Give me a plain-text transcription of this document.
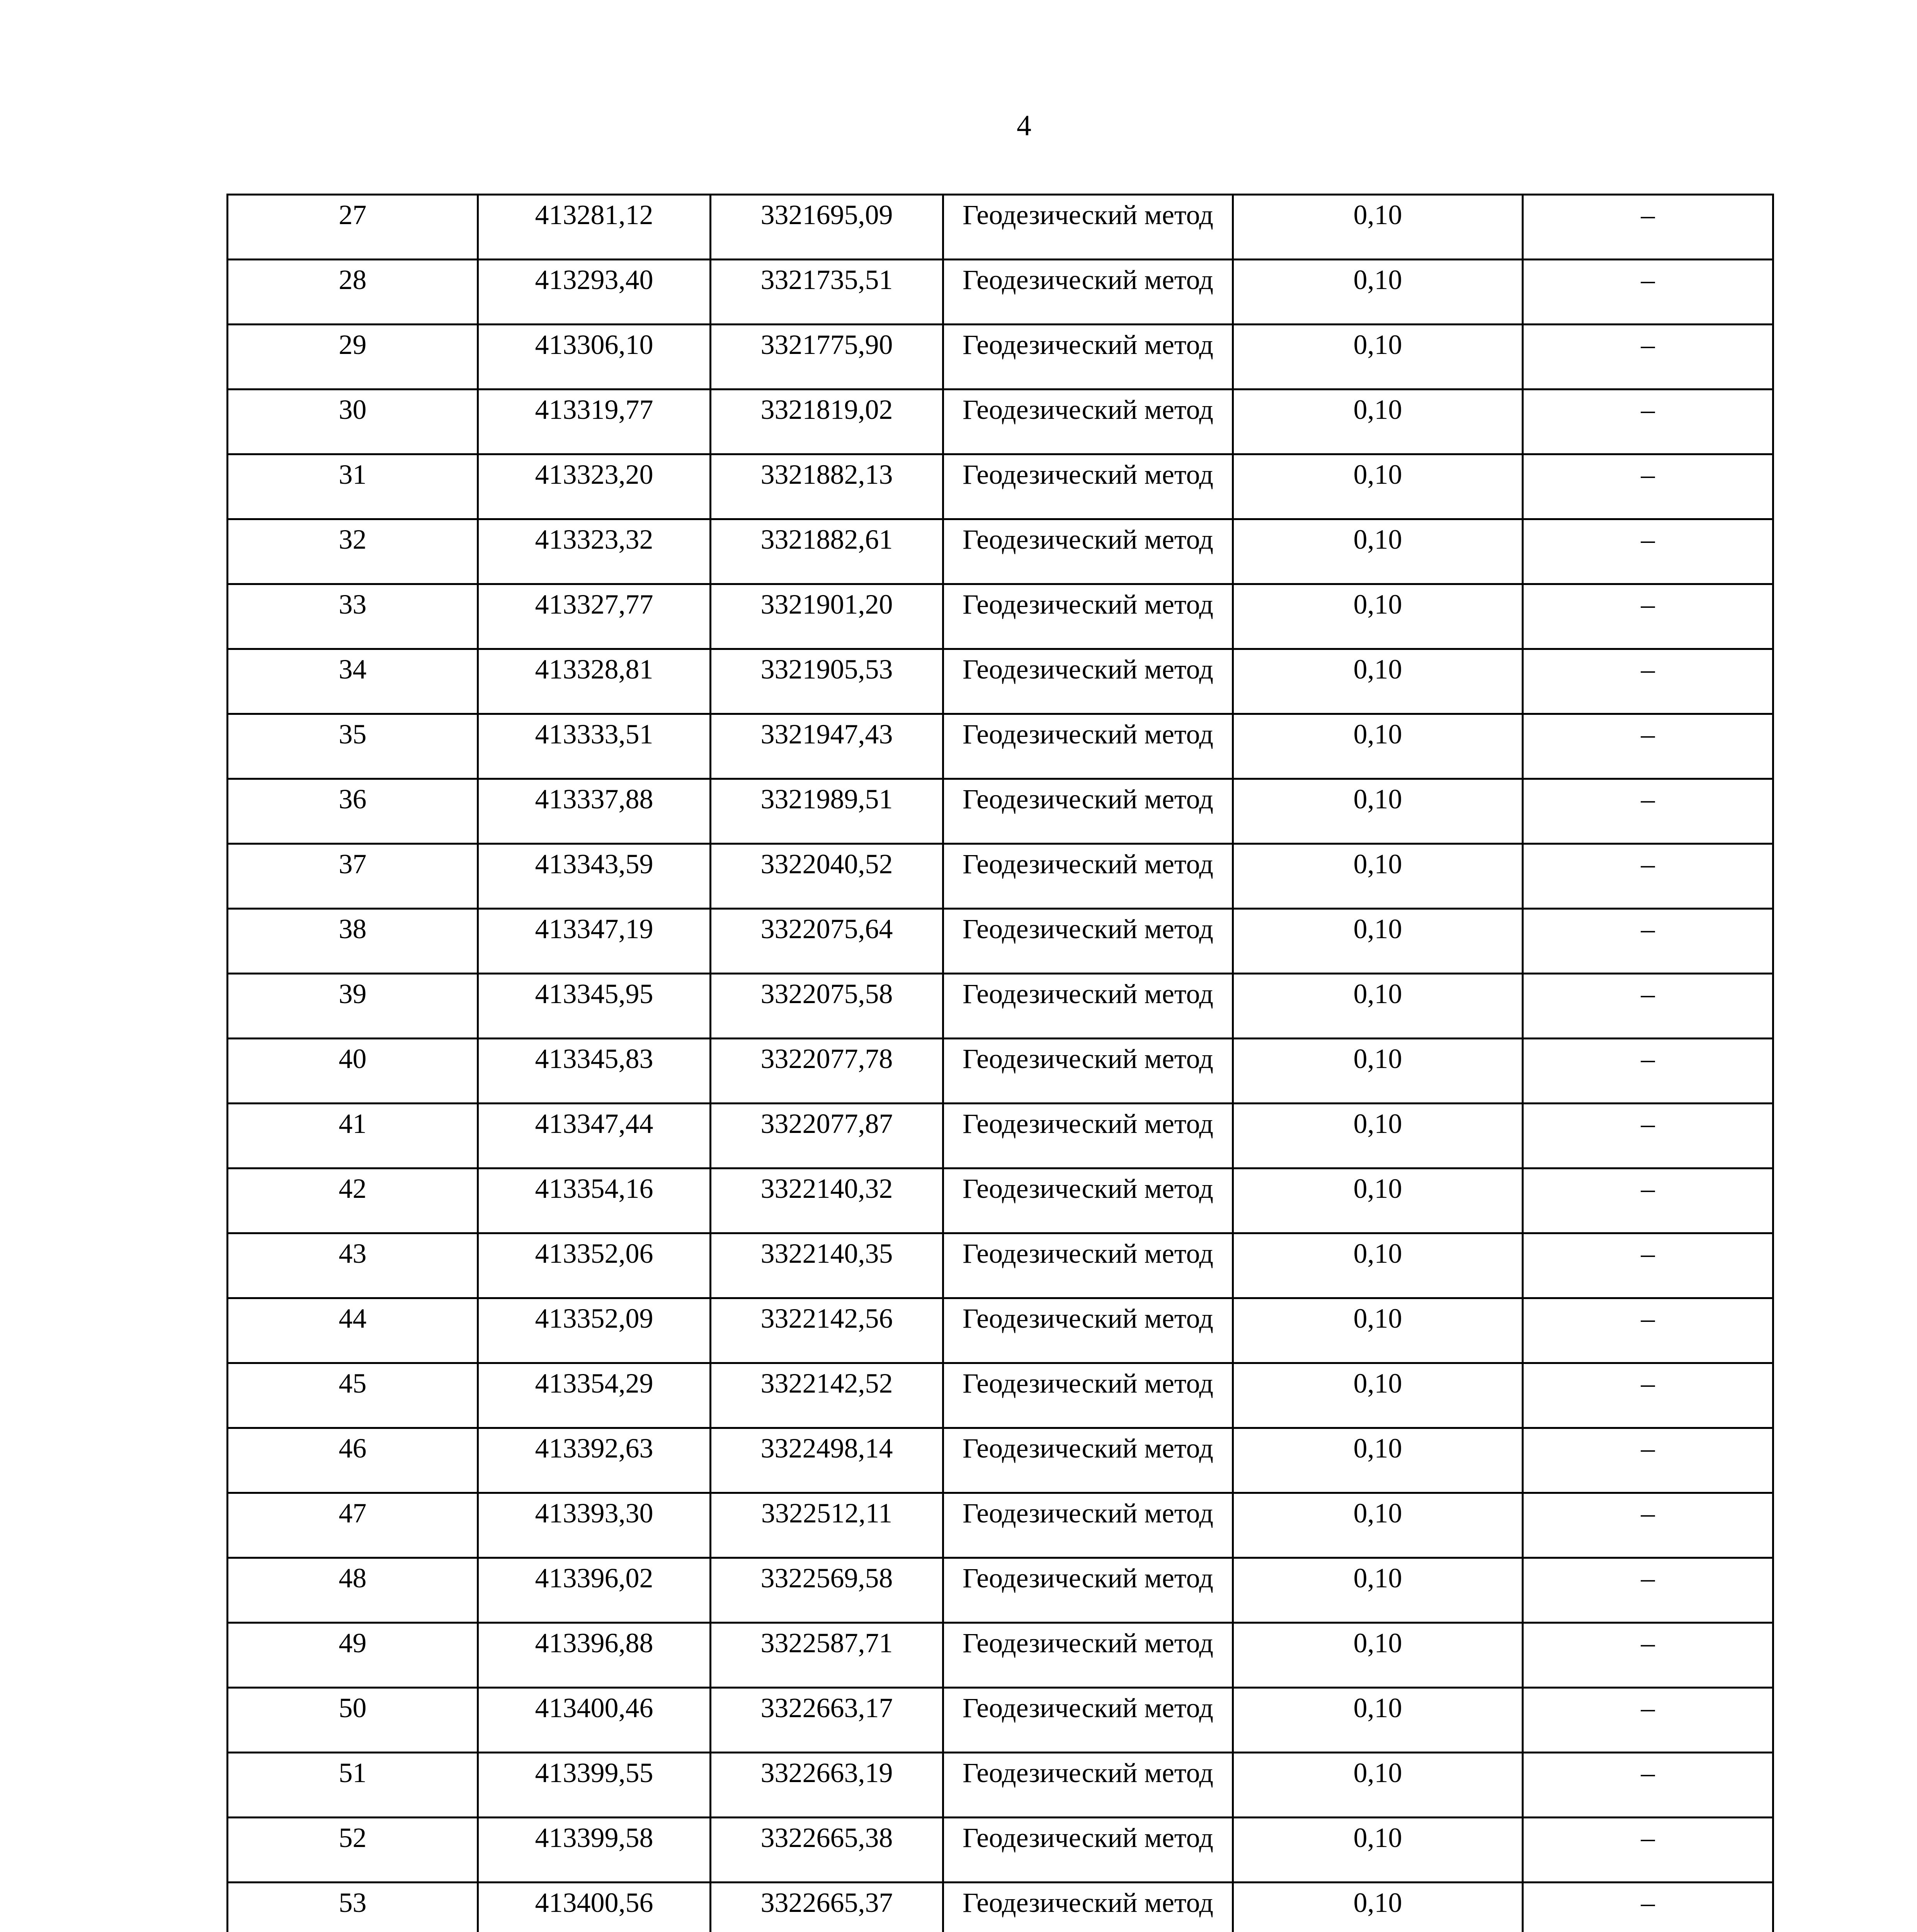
4
27	413281,12	3321695,09	Геодезический метод	0,10	–
28	413293,40	3321735,51	Геодезический метод	0,10	–
29	413306,10	3321775,90	Геодезический метод	0,10	–
30	413319,77	3321819,02	Геодезический метод	0,10	–
31	413323,20	3321882,13	Геодезический метод	0,10	–
32	413323,32	3321882,61	Геодезический метод	0,10	–
33	413327,77	3321901,20	Геодезический метод	0,10	–
34	413328,81	3321905,53	Геодезический метод	0,10	–
35	413333,51	3321947,43	Геодезический метод	0,10	–
36	413337,88	3321989,51	Геодезический метод	0,10	–
37	413343,59	3322040,52	Геодезический метод	0,10	–
38	413347,19	3322075,64	Геодезический метод	0,10	–
39	413345,95	3322075,58	Геодезический метод	0,10	–
40	413345,83	3322077,78	Геодезический метод	0,10	–
41	413347,44	3322077,87	Геодезический метод	0,10	–
42	413354,16	3322140,32	Геодезический метод	0,10	–
43	413352,06	3322140,35	Геодезический метод	0,10	–
44	413352,09	3322142,56	Геодезический метод	0,10	–
45	413354,29	3322142,52	Геодезический метод	0,10	–
46	413392,63	3322498,14	Геодезический метод	0,10	–
47	413393,30	3322512,11	Геодезический метод	0,10	–
48	413396,02	3322569,58	Геодезический метод	0,10	–
49	413396,88	3322587,71	Геодезический метод	0,10	–
50	413400,46	3322663,17	Геодезический метод	0,10	–
51	413399,55	3322663,19	Геодезический метод	0,10	–
52	413399,58	3322665,38	Геодезический метод	0,10	–
53	413400,56	3322665,37	Геодезический метод	0,10	–
